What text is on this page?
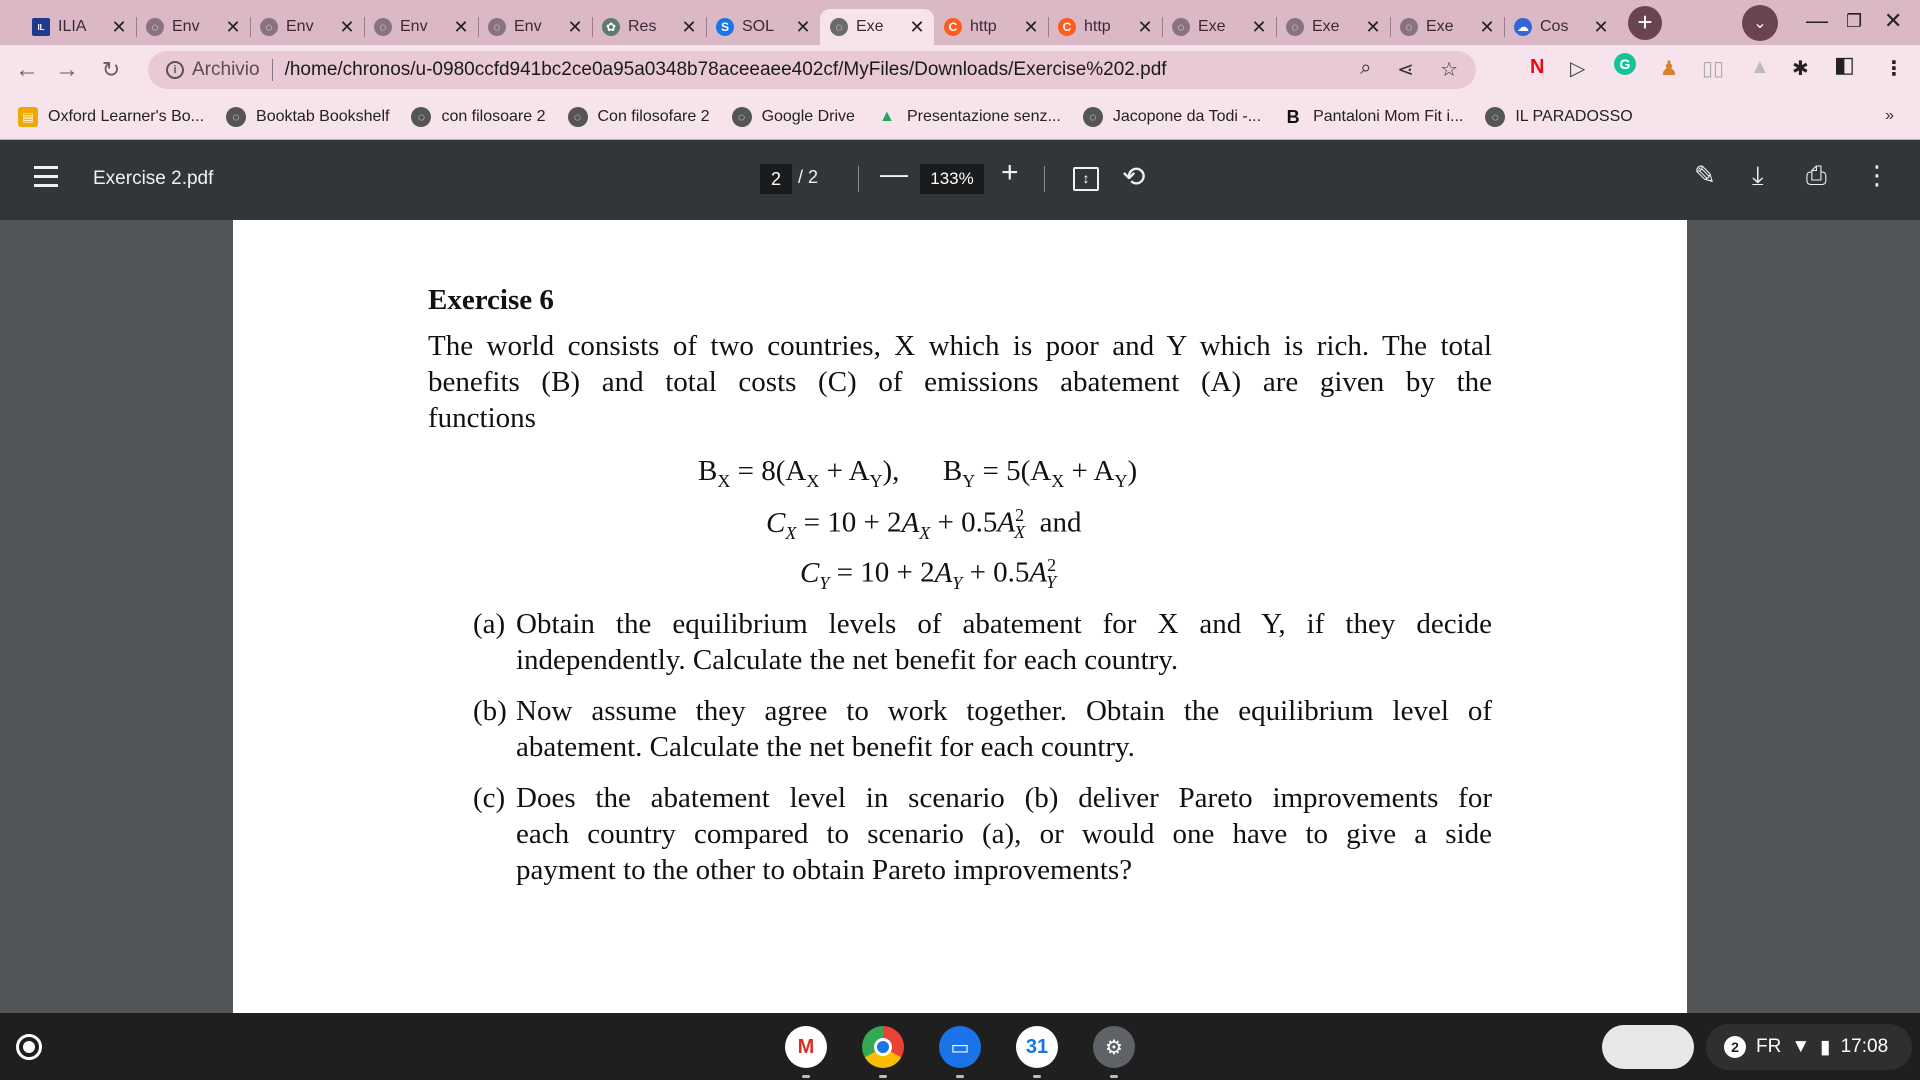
IL ILIA	✕	◌ Env	✕	◌ Env	✕	◌ Env	✕	◌ Env	✕	✿ Res	✕	S SOL	✕	◌ Exe	✕	C http	✕	C http	✕	◌ Exe	✕	◌ Exe	✕	◌ Exe	✕ ☁ Cos	✕	+	⌄ — ❐ ✕
← → ↻	i Archivio /home/chronos/u-0980ccfd941bc2ce0a95a0348b78aceeaee402cf/MyFiles/Downloads/Exercise%202.pdf	⌕ ⋖ ☆	N ▷	G ♟ ▯▯ ▲ ✱ ◧ ⋮
▤ Oxford Learner's Bo...	◌	Booktab Bookshelf	◌	con filosoare 2	◌	Con filosofare 2	◌	Google Drive ▲ Presentazione senz...	◌	Jacopone da Todi -... B Pantaloni Mom Fit i...	◌	IL PARADOSSO	»
Exercise 2.pdf	2 / 2 —	133% +	↕	⟲	✎ ⤓ ⎙ ⋮
Exercise 6
The world consists of two countries, X which is poor and Y which is rich. The total
benefits (B) and total costs (C) of emissions abatement (A) are given by the
functions
$B_X = 8(A_X + A_Y)$,      $B_Y = 5(A_X + A_Y)$
$C_X = 10 + 2A_X + 0.5A^2_X$ and
$C_Y = 10 + 2A_Y + 0.5A^2_Y$
(a) Obtain the equilibrium levels of abatement for X and Y, if they decide
independently. Calculate the net benefit for each country.
(b) Now assume they agree to work together. Obtain the equilibrium level of
abatement. Calculate the net benefit for each country.
(c) Does the abatement level in scenario (b) deliver Pareto improvements for
each country compared to scenario (a), or would one have to give a side
payment to the other to obtain Pareto improvements?
2 FR ▼ ▮ 17:08
M	▭	31	⚙
